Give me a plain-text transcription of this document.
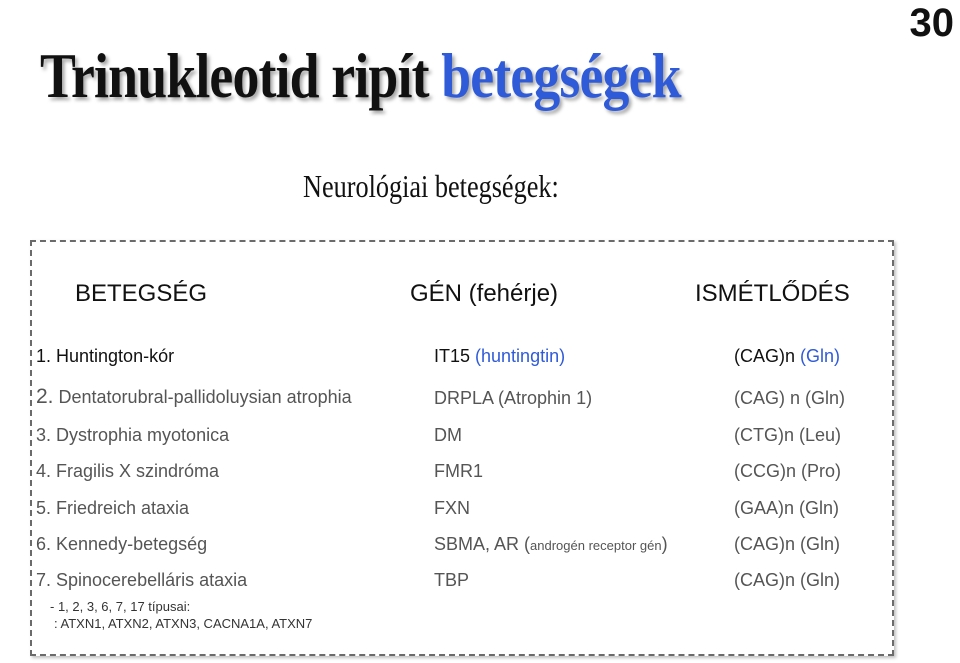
30
Trinukleotid ripít betegségek
Neurológiai betegségek:
BETEGSÉG	GÉN (fehérje)	ISMÉTLŐDÉS
1. Huntington-kór	IT15 (huntingtin)	(CAG)n (Gln)
2. Dentatorubral-pallidoluysian atrophia	DRPLA (Atrophin 1)	(CAG) n (Gln)
3. Dystrophia myotonica	DM	(CTG)n (Leu)
4. Fragilis X szindróma	FMR1	(CCG)n (Pro)
5. Friedreich ataxia	FXN	(GAA)n (Gln)
6. Kennedy-betegség	SBMA, AR (androgén receptor gén)	(CAG)n (Gln)
7. Spinocerebelláris ataxia	TBP	(CAG)n (Gln)
- 1, 2, 3, 6, 7, 17 típusai:
: ATXN1, ATXN2, ATXN3, CACNA1A, ATXN7
